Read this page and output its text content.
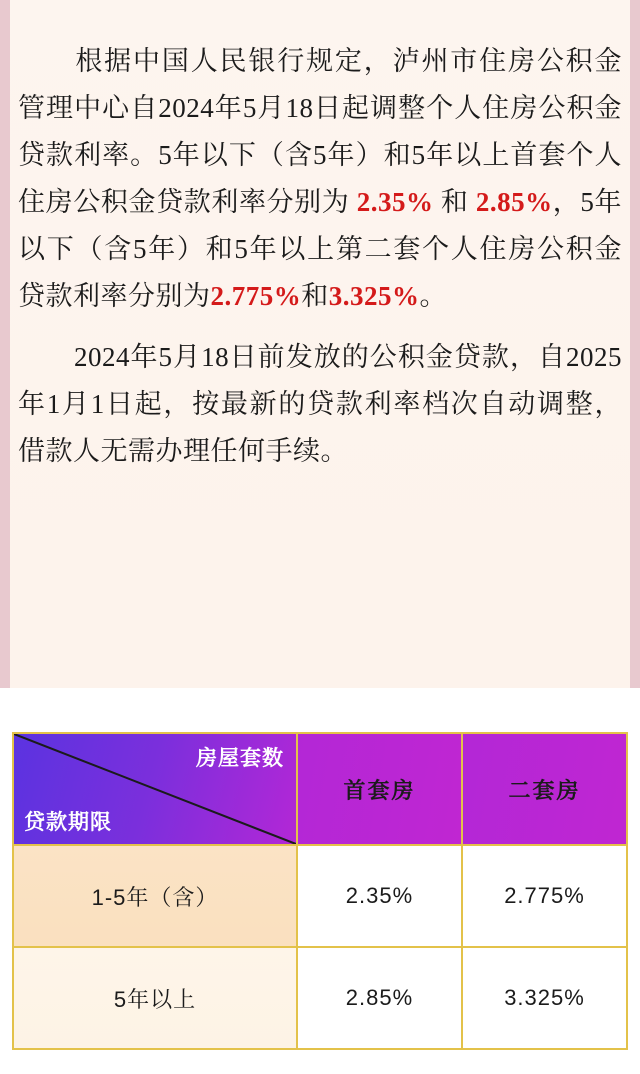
根据中国人民银行规定，泸州市住房公积金管理中心自2024年5月18日起调整个人住房公积金贷款利率。5年以下（含5年）和5年以上首套个人住房公积金贷款利率分别为 2.35% 和 2.85%，5年以下（含5年）和5年以上第二套个人住房公积金贷款利率分别为2.775%和3.325%。

2024年5月18日前发放的公积金贷款，自2025年1月1日起，按最新的贷款利率档次自动调整，借款人无需办理任何手续。

房屋套数
贷款期限	首套房	二套房
1-5年（含）	2.35%	2.775%
5年以上	2.85%	3.325%
